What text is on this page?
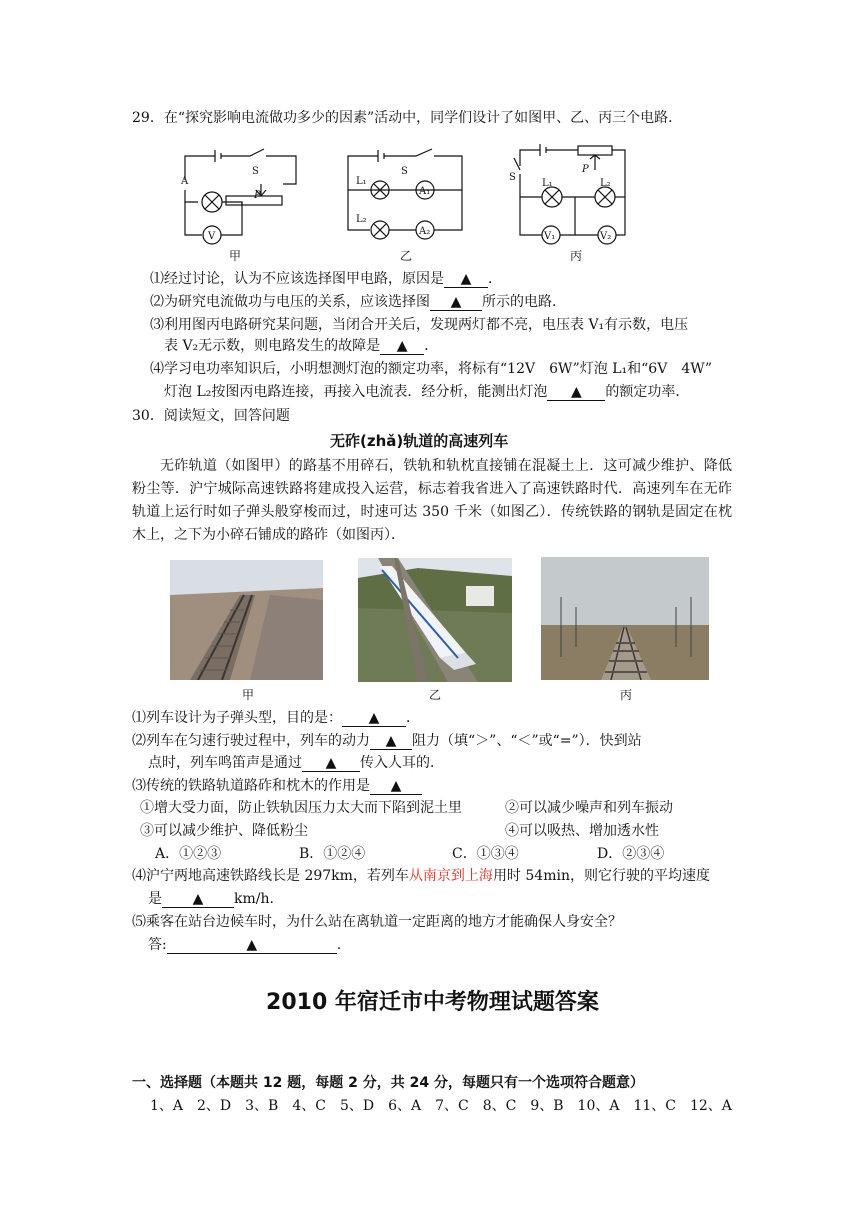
29．在“探究影响电流做功多少的因素”活动中，同学们设计了如图甲、乙、丙三个电路．
A
S
P
V
S
L₁
A₁
L₂
A₂
S
P
L₁	L₂
V₁	V₂
甲	乙	丙
⑴经过讨论，认为不应该选择图甲电路，原因是 ▲ ．
⑵为研究电流做功与电压的关系，应该选择图 ▲ 所示的电路．
⑶利用图丙电路研究某问题，当闭合开关后，发现两灯都不亮，电压表 V₁有示数，电压
表 V₂无示数，则电路发生的故障是 ▲ ．
⑷学习电功率知识后，小明想测灯泡的额定功率，将标有“12V　6W”灯泡 L₁和“6V　4W”
灯泡 L₂按图丙电路连接，再接入电流表．经分析，能测出灯泡 ▲ 的额定功率．
30．阅读短文，回答问题
无砟(zhǎ)轨道的高速列车
无砟轨道（如图甲）的路基不用碎石，铁轨和轨枕直接铺在混凝土上．这可减少维护、降低粉尘等．沪宁城际高速铁路将建成投入运营，标志着我省进入了高速铁路时代．高速列车在无砟轨道上运行时如子弹头般穿梭而过，时速可达 350 千米（如图乙）．传统铁路的钢轨是固定在枕木上，之下为小碎石铺成的路砟（如图丙）．
甲	乙	丙
⑴列车设计为子弹头型，目的是： ▲ ．
⑵列车在匀速行驶过程中，列车的动力 ▲ 阻力（填“＞”、“＜”或“=”）．快到站
点时，列车鸣笛声是通过 ▲ 传入人耳的．
⑶传统的铁路轨道路砟和枕木的作用是 ▲
①增大受力面，防止铁轨因压力太大而下陷到泥土里	②可以减少噪声和列车振动
③可以减少维护、降低粉尘	④可以吸热、增加透水性
A．①②③	B．①②④	C．①③④	D．②③④
⑷沪宁两地高速铁路线长是 297km，若列车从南京到上海用时 54min，则它行驶的平均速度
是 ▲ km/h.
⑸乘客在站台边候车时，为什么站在离轨道一定距离的地方才能确保人身安全？
答:	▲	.
2010 年宿迁市中考物理试题答案
一、选择题（本题共 12 题，每题 2 分，共 24 分，每题只有一个选项符合题意）
1、A　2、D　3、B　4、C　5、D　6、A　7、C　8、C　9、B　10、A　11、C　12、A
